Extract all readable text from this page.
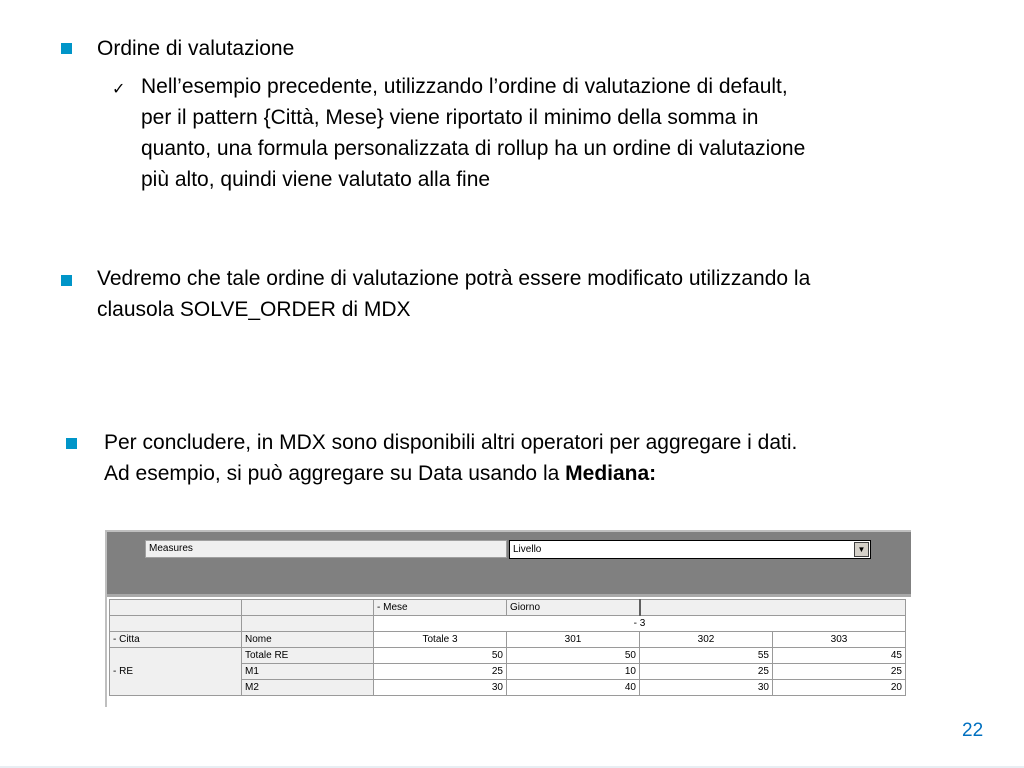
Ordine di valutazione
✓ Nell’esempio precedente, utilizzando l’ordine di valutazione di default,
per il pattern {Città, Mese} viene riportato il minimo della somma in
quanto, una formula personalizzata di rollup ha un ordine di valutazione
più alto, quindi viene valutato alla fine
Vedremo che tale ordine di valutazione potrà essere modificato utilizzando la
clausola SOLVE_ORDER di MDX
Per concludere, in MDX sono disponibili altri operatori per aggregare i dati.
Ad esempio, si può aggregare su Data usando la Mediana:
Measures	Livello	▼
		- Mese	Giorno		
		- 3			
- Citta	Nome	Totale 3	301	302	303
- RE	Totale RE	50	50	55	45
	M1	25	10	25	25
	M2	30	40	30	20
22
